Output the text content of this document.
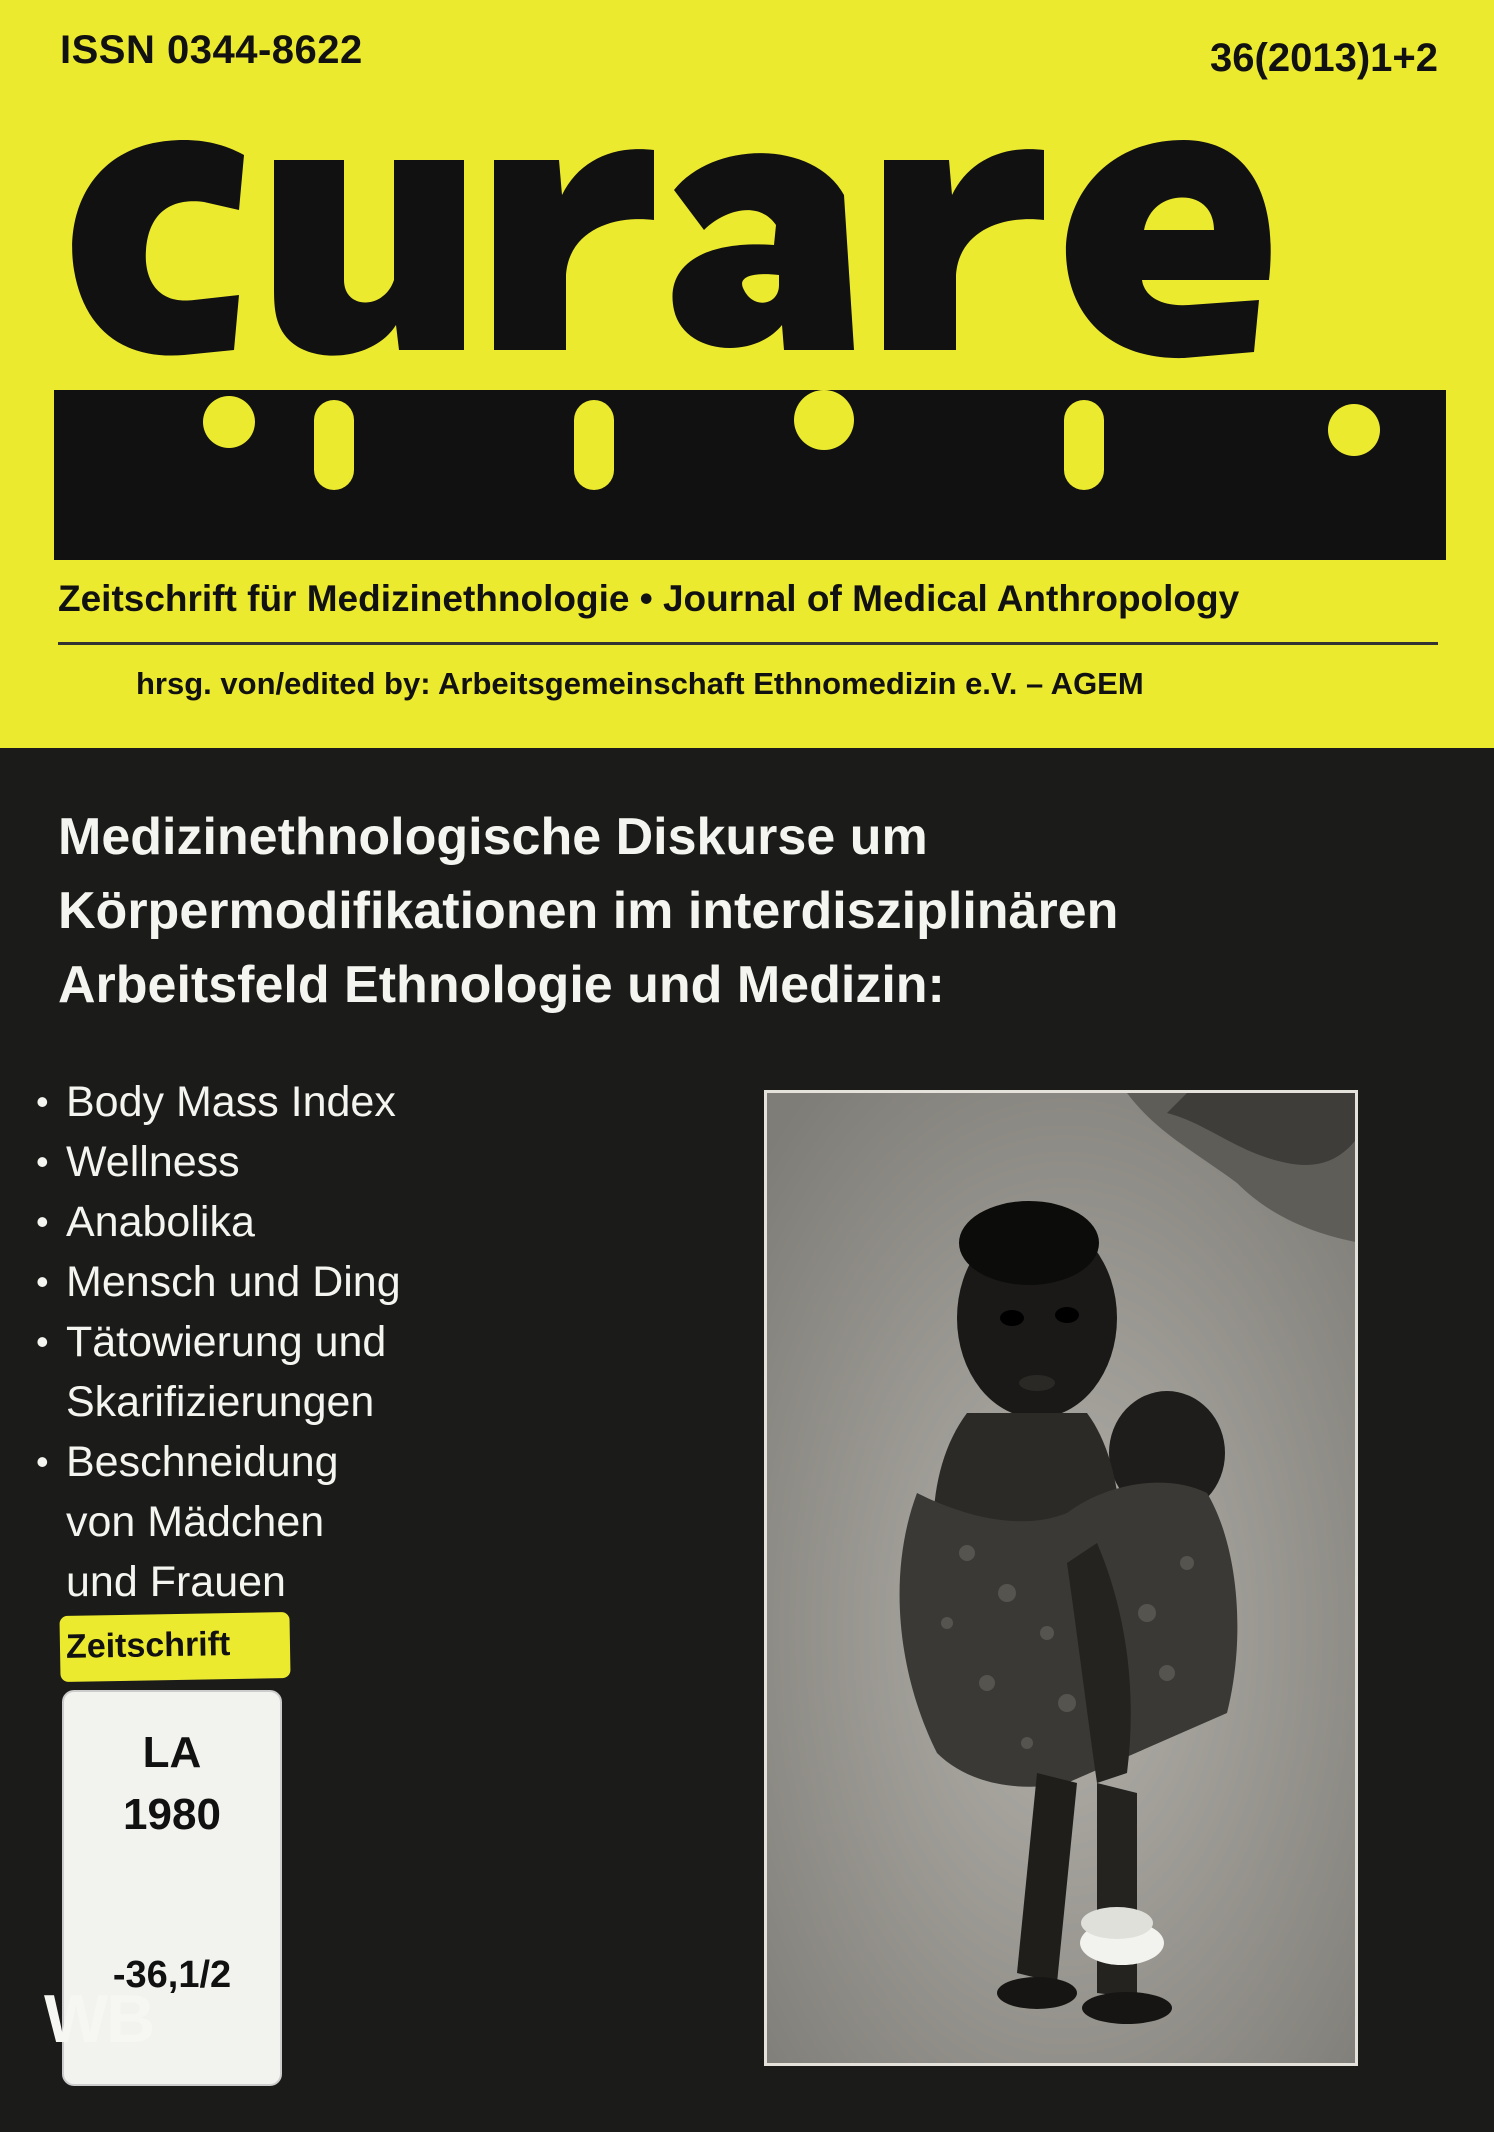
ISSN 0344-8622	36(2013)1+2
Zeitschrift für Medizinethnologie • Journal of Medical Anthropology
hrsg. von/edited by: Arbeitsgemeinschaft Ethnomedizin e.V. – AGEM
Medizinethnologische Diskurse um
Körpermodifikationen im interdisziplinären
Arbeitsfeld Ethnologie und Medizin:
• Body Mass Index
• Wellness
• Anabolika
• Mensch und Ding
• Tätowierung und
Skarifizierungen
• Beschneidung
von Mädchen
und Frauen
Zeitschrift
LA
1980
-36,1/2
WB
